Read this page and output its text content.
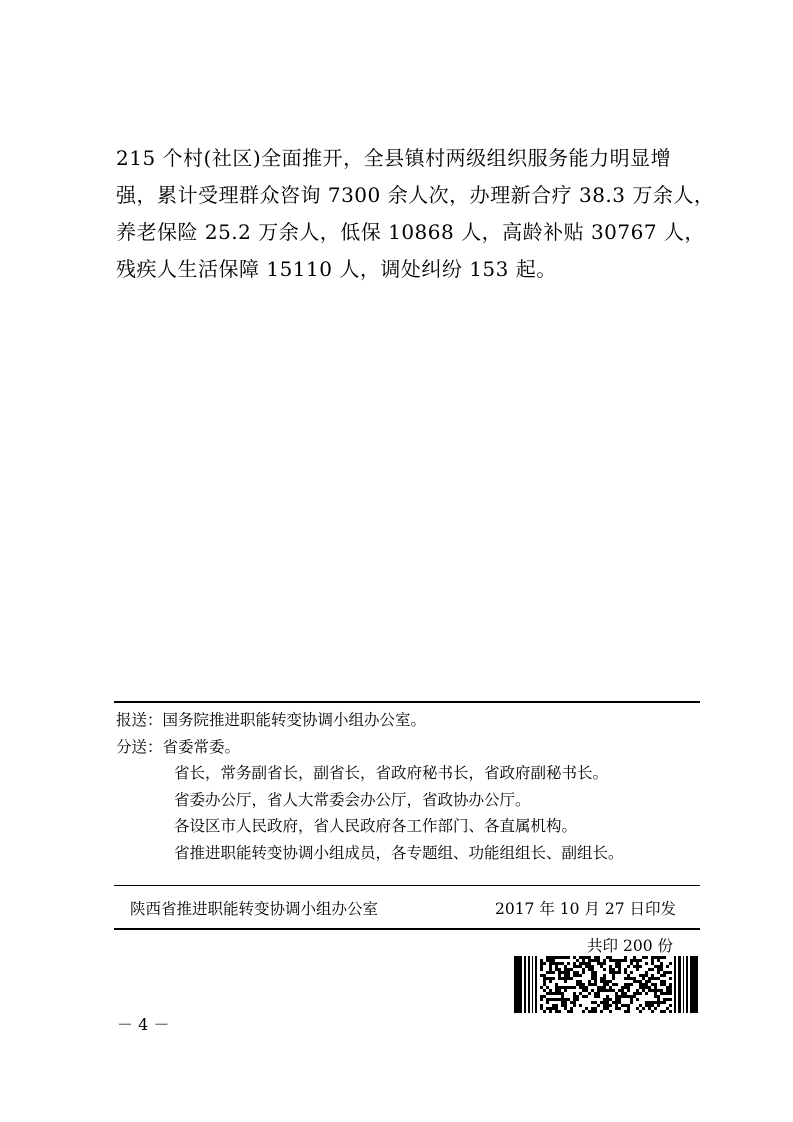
215 个村(社区)全面推开，全县镇村两级组织服务能力明显增
强，累计受理群众咨询 7300 余人次，办理新合疗 38.3 万余人，
养老保险 25.2 万余人，低保 10868 人，高龄补贴 30767 人，
残疾人生活保障 15110 人，调处纠纷 153 起。
报送：国务院推进职能转变协调小组办公室。
分送：省委常委。
省长，常务副省长，副省长，省政府秘书长，省政府副秘书长。
省委办公厅，省人大常委会办公厅，省政协办公厅。
各设区市人民政府，省人民政府各工作部门、各直属机构。
省推进职能转变协调小组成员，各专题组、功能组组长、副组长。
陕西省推进职能转变协调小组办公室	2017 年 10 月 27 日印发
共印 200 份
－ 4 －
